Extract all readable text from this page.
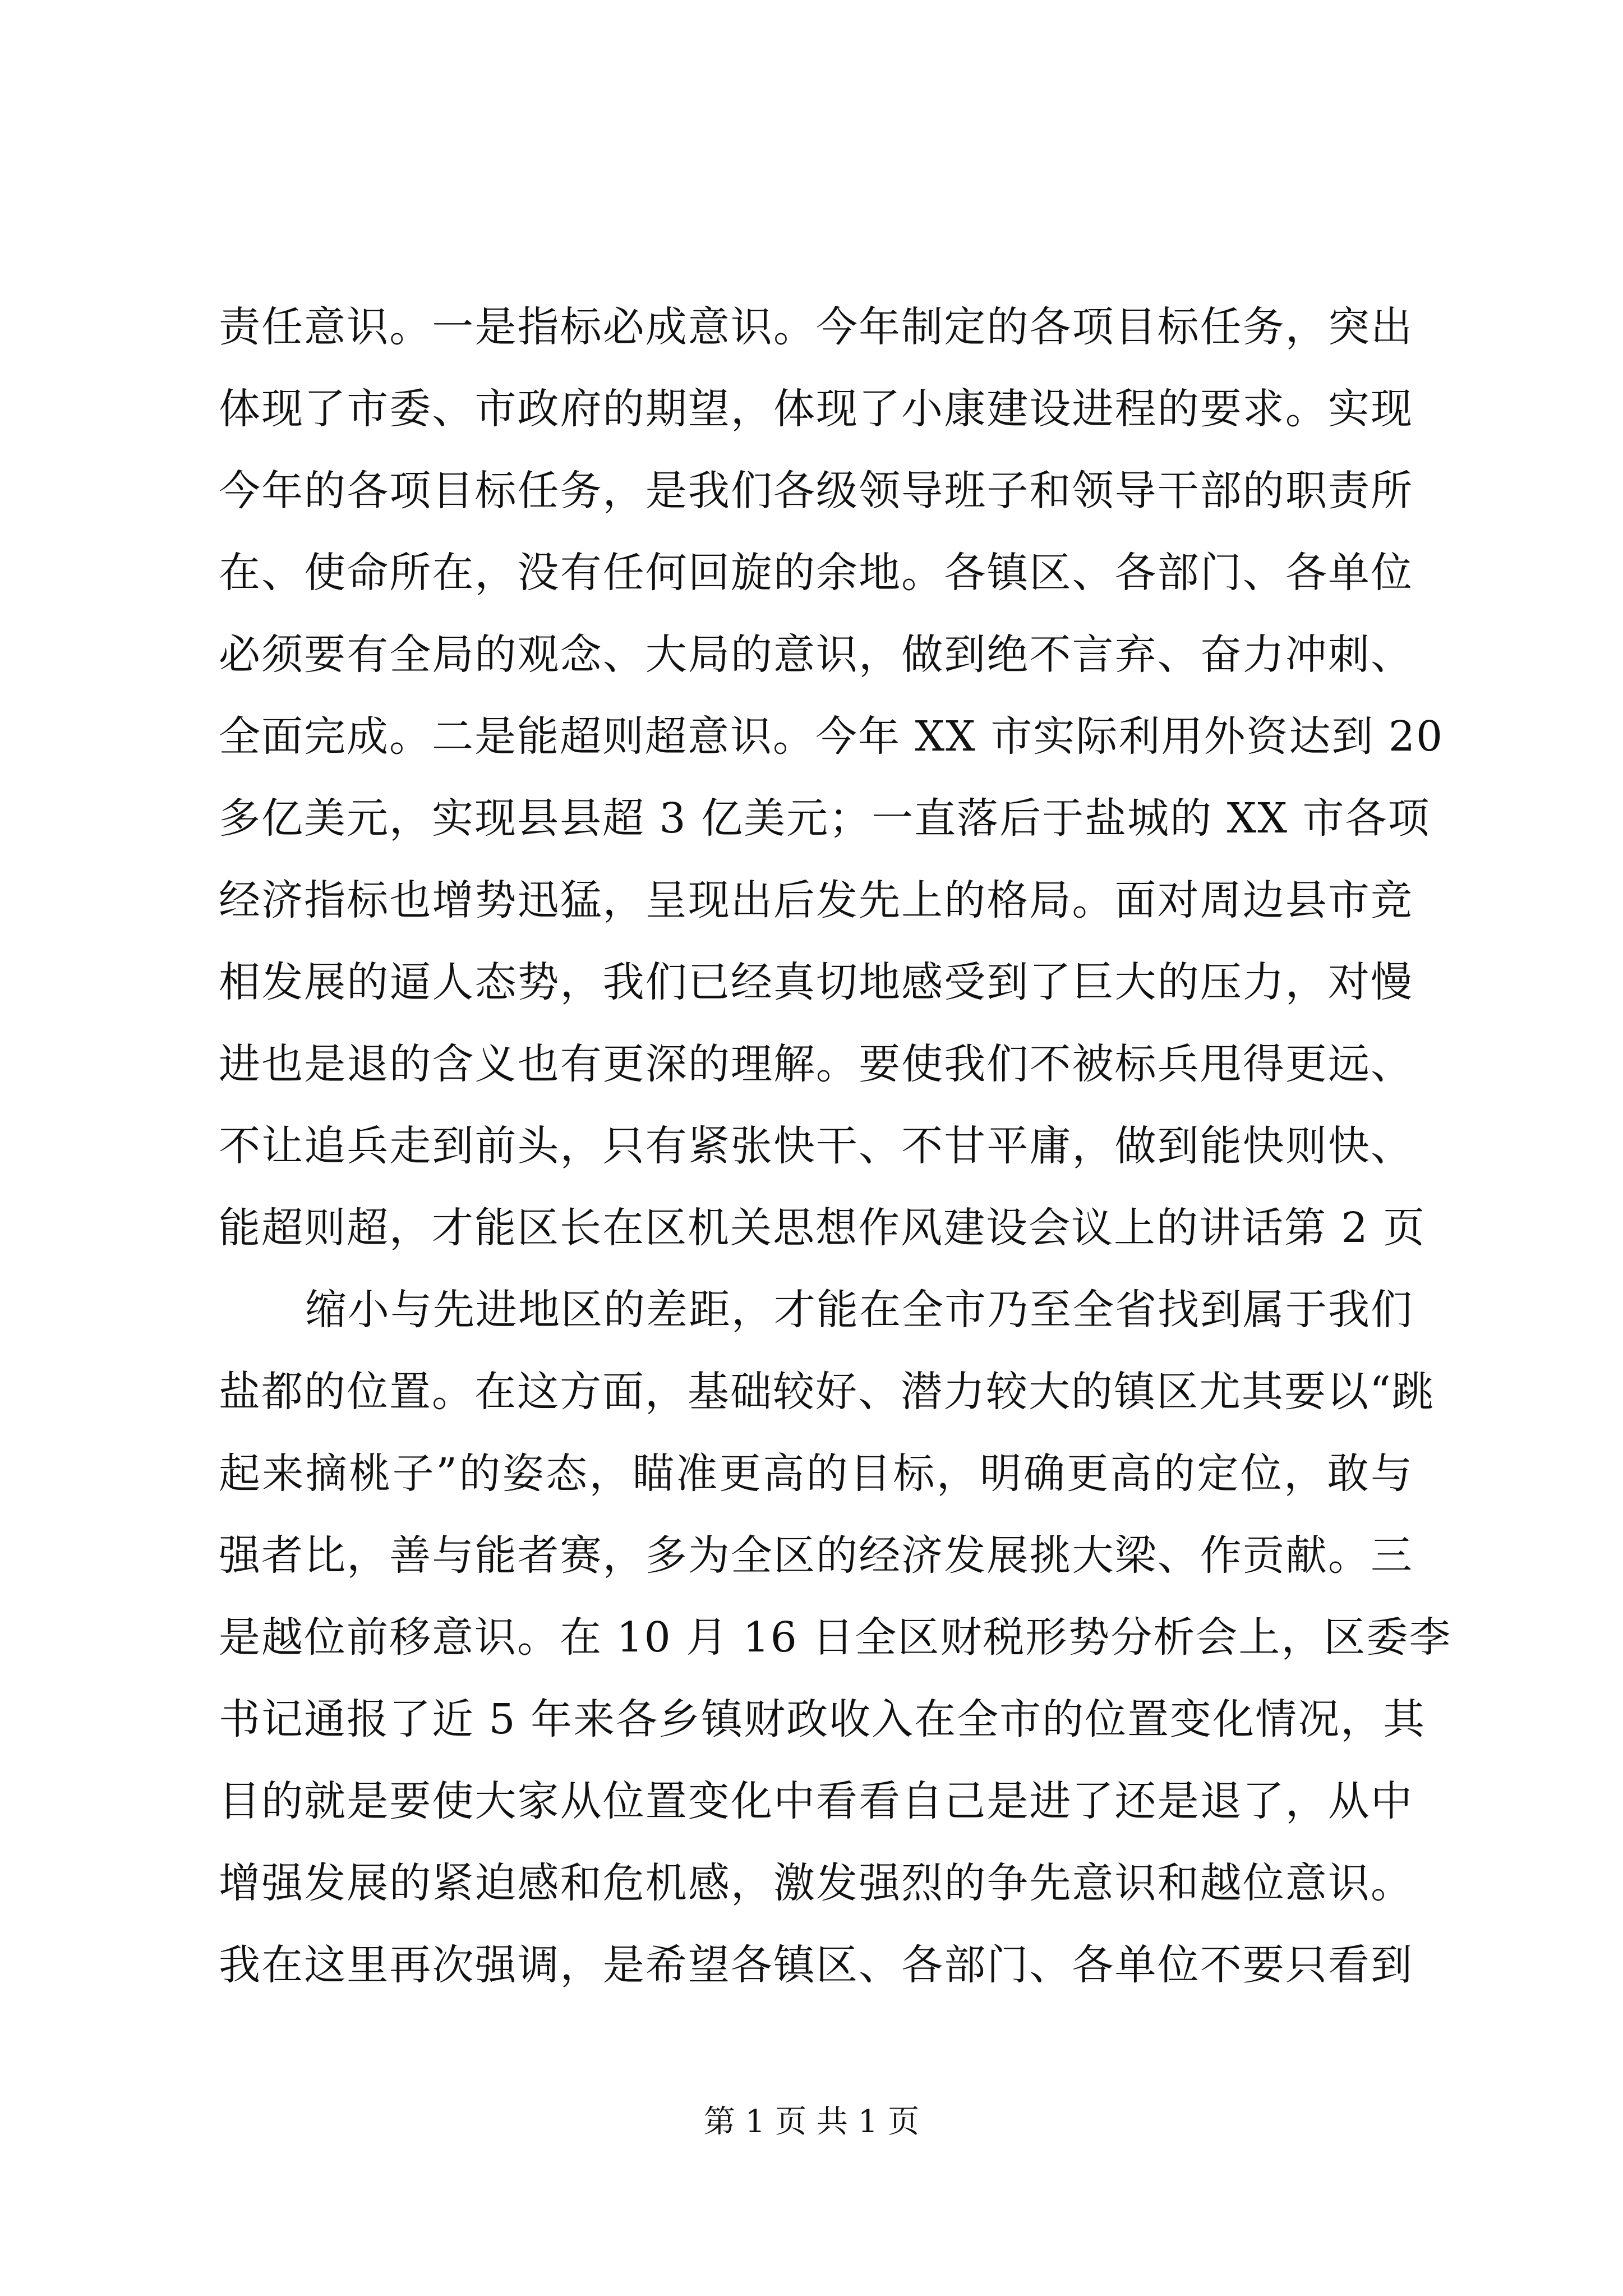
责任意识。一是指标必成意识。今年制定的各项目标任务，突出
体现了市委、市政府的期望，体现了小康建设进程的要求。实现
今年的各项目标任务，是我们各级领导班子和领导干部的职责所
在、使命所在，没有任何回旋的余地。各镇区、各部门、各单位
必须要有全局的观念、大局的意识，做到绝不言弃、奋力冲刺、
全面完成。二是能超则超意识。今年 XX 市实际利用外资达到 20
多亿美元，实现县县超 3 亿美元；一直落后于盐城的 XX 市各项
经济指标也增势迅猛，呈现出后发先上的格局。面对周边县市竞
相发展的逼人态势，我们已经真切地感受到了巨大的压力，对慢
进也是退的含义也有更深的理解。要使我们不被标兵甩得更远、
不让追兵走到前头，只有紧张快干、不甘平庸，做到能快则快、
能超则超，才能区长在区机关思想作风建设会议上的讲话第 2 页
缩小与先进地区的差距，才能在全市乃至全省找到属于我们
盐都的位置。在这方面，基础较好、潜力较大的镇区尤其要以“跳
起来摘桃子”的姿态，瞄准更高的目标，明确更高的定位，敢与
强者比，善与能者赛，多为全区的经济发展挑大梁、作贡献。三
是越位前移意识。在 10 月 16 日全区财税形势分析会上，区委李
书记通报了近 5 年来各乡镇财政收入在全市的位置变化情况，其
目的就是要使大家从位置变化中看看自己是进了还是退了，从中
增强发展的紧迫感和危机感，激发强烈的争先意识和越位意识。
我在这里再次强调，是希望各镇区、各部门、各单位不要只看到
第 1 页 共 1 页
